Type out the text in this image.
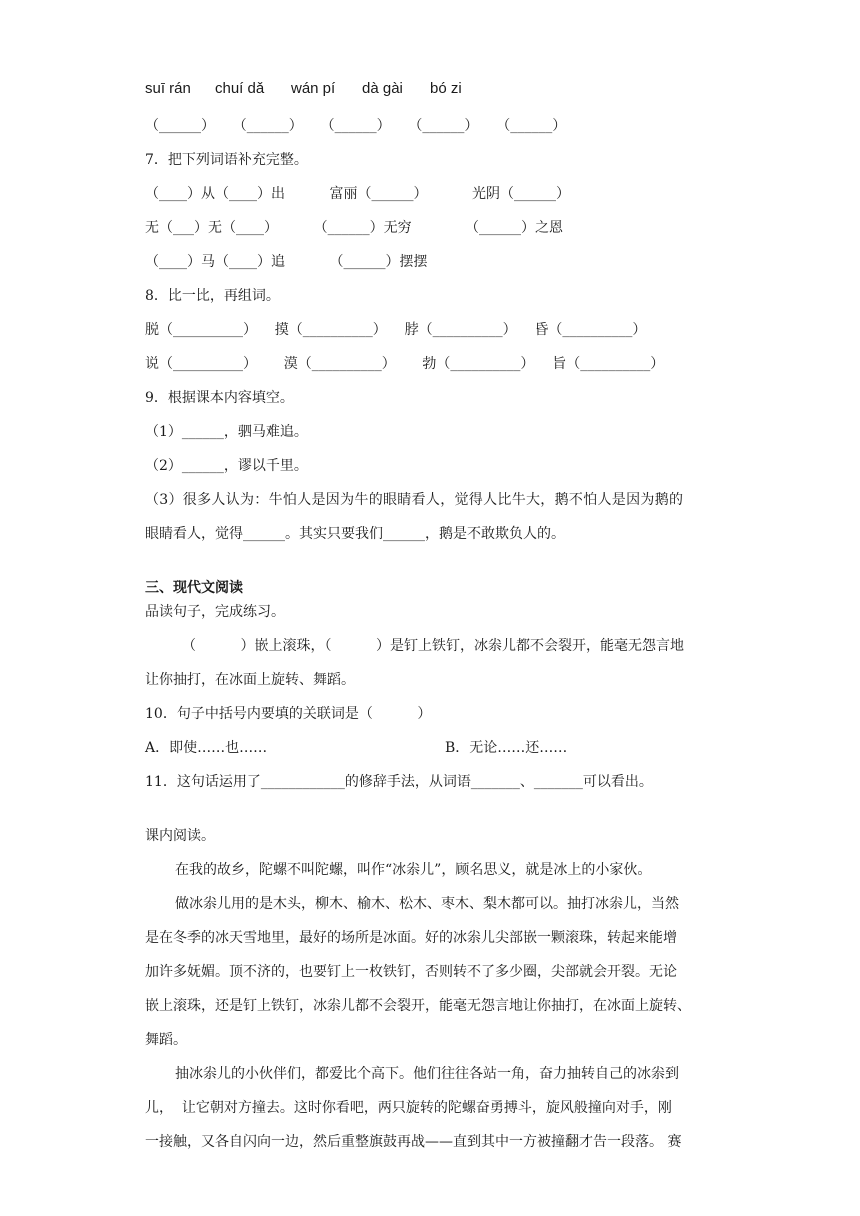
suī rán chuí dǎ wán pí dà gài bó zi
（______）    （______）    （______）    （______）    （______）
7．把下列词语补充完整。
（____）从（____）出          富丽（______）          光阴（______）
无（___）无（____）        （______）无穷            （______）之恩
（____）马（____）追          （______）摆摆
8．比一比，再组词。
脱（__________）    摸（__________）    脖（__________）    昏（__________）
说（__________）      漠（__________）      勃（__________）    旨（__________）
9．根据课本内容填空。
（1）______，驷马难追。
（2）______，谬以千里。
（3）很多人认为：牛怕人是因为牛的眼睛看人，觉得人比牛大，鹅不怕人是因为鹅的
眼睛看人，觉得______。其实只要我们______，鹅是不敢欺负人的。
三、现代文阅读
品读句子，完成练习。
（          ）嵌上滚珠，（          ）是钉上铁钉，冰尜儿都不会裂开，能毫无怨言地
让你抽打，在冰面上旋转、舞蹈。
10．句子中括号内要填的关联词是（          ）
A．即使……也……	B．无论……还……
11．这句话运用了____________的修辞手法，从词语_______、_______可以看出。
课内阅读。
在我的故乡，陀螺不叫陀螺，叫作“冰尜儿”，顾名思义，就是冰上的小家伙。
做冰尜儿用的是木头，柳木、榆木、松木、枣木、梨木都可以。抽打冰尜儿，当然
是在冬季的冰天雪地里，最好的场所是冰面。好的冰尜儿尖部嵌一颗滚珠，转起来能增
加许多妩媚。顶不济的，也要钉上一枚铁钉，否则转不了多少圈，尖部就会开裂。无论
嵌上滚珠，还是钉上铁钉，冰尜儿都不会裂开，能毫无怨言地让你抽打，在冰面上旋转、
舞蹈。
抽冰尜儿的小伙伴们，都爱比个高下。他们往往各站一角，奋力抽转自己的冰尜到
儿，  让它朝对方撞去。这时你看吧，两只旋转的陀螺奋勇搏斗，旋风般撞向对手，刚
一接触，又各自闪向一边，然后重整旗鼓再战——直到其中一方被撞翻才告一段落。 赛
